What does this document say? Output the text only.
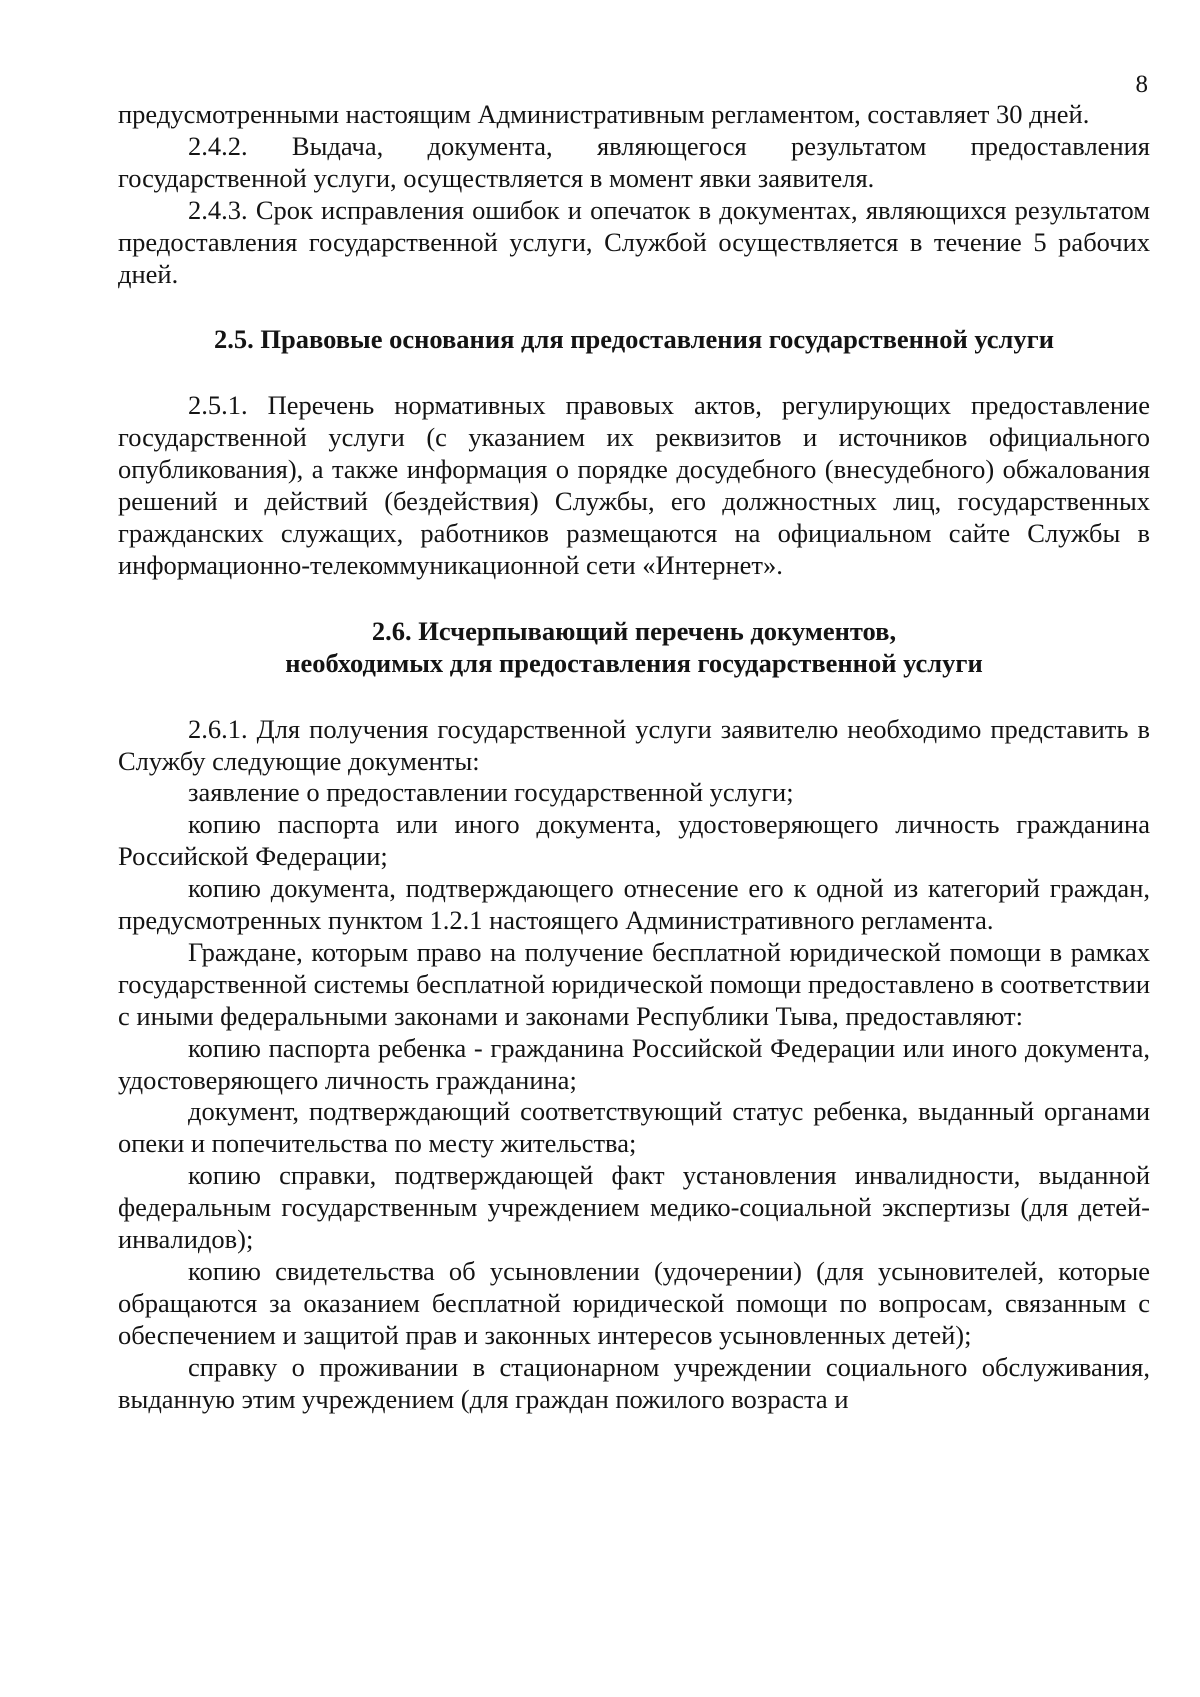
8

предусмотренными настоящим Административным регламентом, составляет 30 дней.

2.4.2. Выдача, документа, являющегося результатом предоставления государственной услуги, осуществляется в момент явки заявителя.

2.4.3. Срок исправления ошибок и опечаток в документах, являющихся результатом предоставления государственной услуги, Службой осуществляется в течение 5 рабочих дней.

2.5. Правовые основания для предоставления государственной услуги

2.5.1. Перечень нормативных правовых актов, регулирующих предоставление государственной услуги (с указанием их реквизитов и источников официального опубликования), а также информация о порядке досудебного (внесудебного) обжалования решений и действий (бездействия) Службы, его должностных лиц, государственных гражданских служащих, работников размещаются на официальном сайте Службы в информационно-телекоммуникационной сети «Интернет».

2.6. Исчерпывающий перечень документов,
необходимых для предоставления государственной услуги

2.6.1. Для получения государственной услуги заявителю необходимо представить в Службу следующие документы:

заявление о предоставлении государственной услуги;

копию паспорта или иного документа, удостоверяющего личность гражданина Российской Федерации;

копию документа, подтверждающего отнесение его к одной из категорий граждан, предусмотренных пунктом 1.2.1 настоящего Административного регламента.

Граждане, которым право на получение бесплатной юридической помощи в рамках государственной системы бесплатной юридической помощи предоставлено в соответствии с иными федеральными законами и законами Республики Тыва, предоставляют:

копию паспорта ребенка - гражданина Российской Федерации или иного документа, удостоверяющего личность гражданина;

документ, подтверждающий соответствующий статус ребенка, выданный органами опеки и попечительства по месту жительства;

копию справки, подтверждающей факт установления инвалидности, выданной федеральным государственным учреждением медико-социальной экспертизы (для детей-инвалидов);

копию свидетельства об усыновлении (удочерении) (для усыновителей, которые обращаются за оказанием бесплатной юридической помощи по вопросам, связанным с обеспечением и защитой прав и законных интересов усыновленных детей);

справку о проживании в стационарном учреждении социального обслуживания, выданную этим учреждением (для граждан пожилого возраста и
